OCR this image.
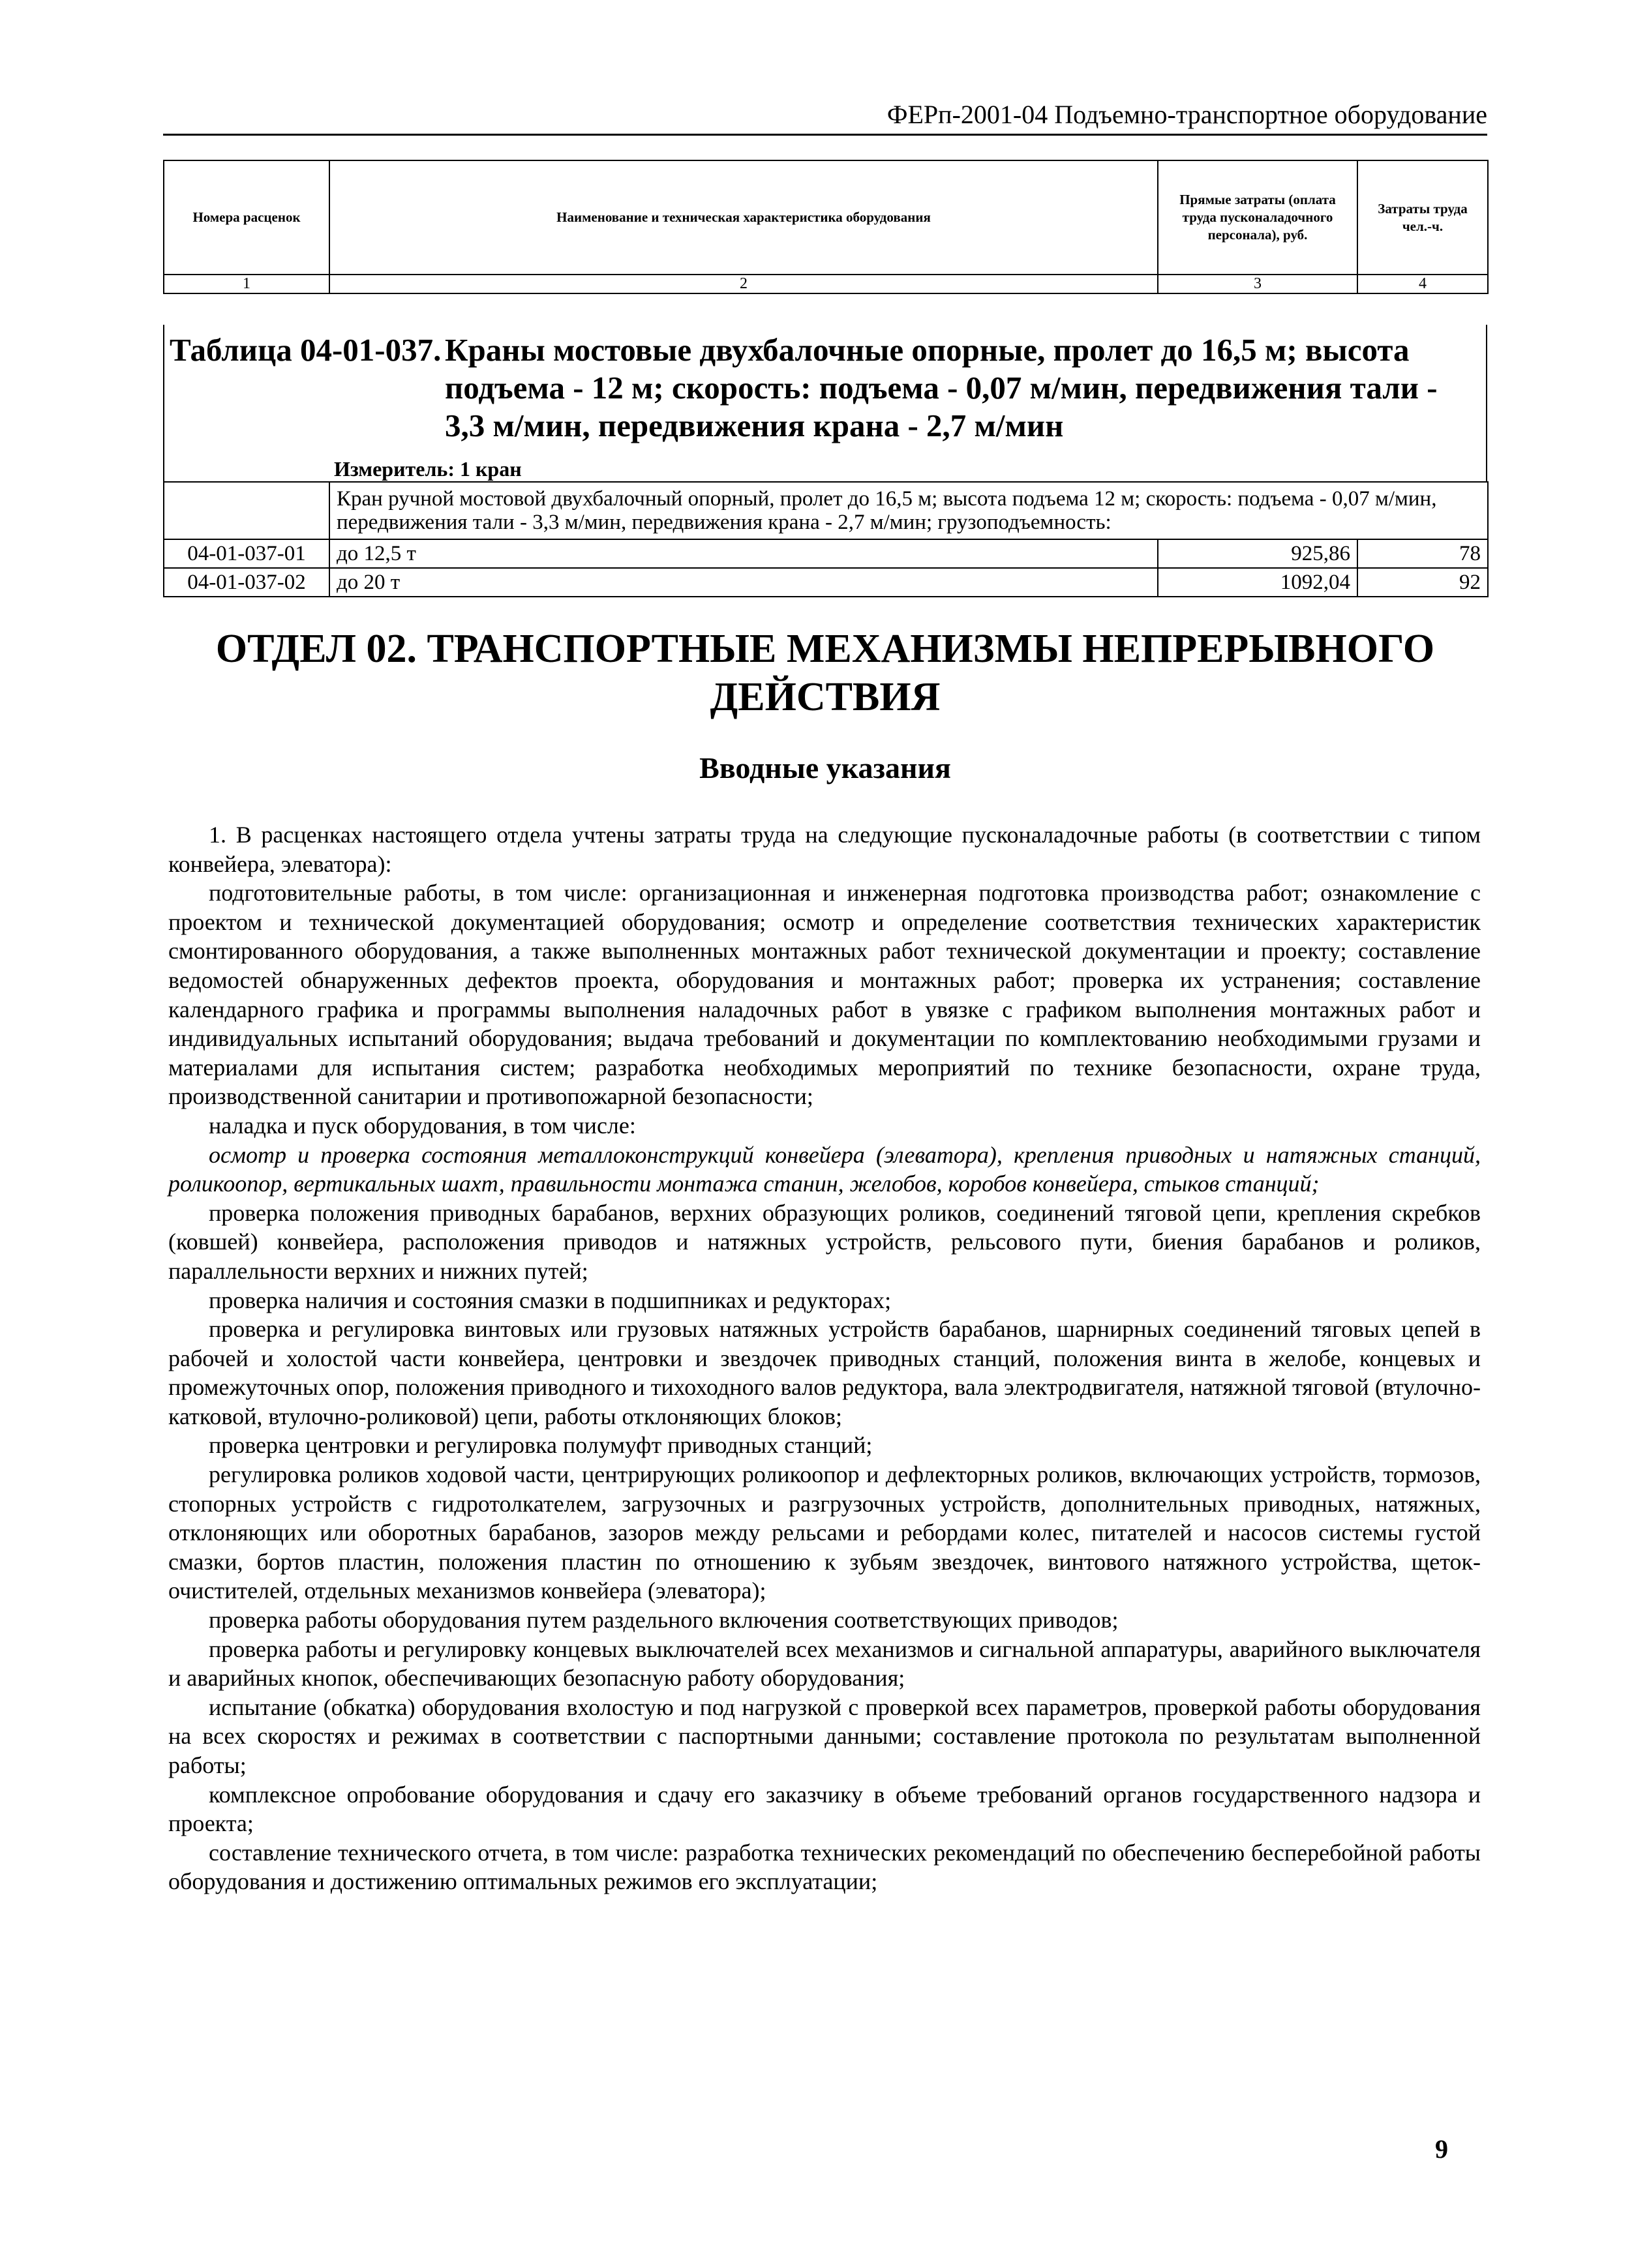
ФЕРп-2001-04 Подъемно-транспортное оборудование
Номера расценок	Наименование и техническая характеристика оборудования	Прямые затраты (оплата труда пусконаладочного персонала), руб.	Затраты труда чел.-ч.
1	2	3	4
Таблица 04-01-037. Краны мостовые двухбалочные опорные, пролет до 16,5 м; высота
подъема - 12 м; скорость: подъема - 0,07 м/мин, передвижения тали - 3,3 м/мин, передвижения крана - 2,7 м/мин
Измеритель: 1 кран
	Кран ручной мостовой двухбалочный опорный, пролет до 16,5 м; высота подъема 12 м; скорость: подъема - 0,07 м/мин, передвижения тали - 3,3 м/мин, передвижения крана - 2,7 м/мин; грузоподъемность:		
04-01-037-01	до 12,5 т	925,86	78
04-01-037-02	до 20 т	1092,04	92
ОТДЕЛ 02. ТРАНСПОРТНЫЕ МЕХАНИЗМЫ НЕПРЕРЫВНОГО ДЕЙСТВИЯ
Вводные указания

1. В расценках настоящего отдела учтены затраты труда на следующие пусконаладочные работы (в соответствии с типом конвейера, элеватора):

подготовительные работы, в том числе: организационная и инженерная подготовка производства работ; ознакомление с проектом и технической документацией оборудования; осмотр и определение соответствия технических характеристик смонтированного оборудования, а также выполненных монтажных работ технической документации и проекту; составление ведомостей обнаруженных дефектов проекта, оборудования и монтажных работ; проверка их устранения; составление календарного графика и программы выполнения наладочных работ в увязке с графиком выполнения монтажных работ и индивидуальных испытаний оборудования; выдача требований и документации по комплектованию необходимыми грузами и материалами для испытания систем; разработка необходимых мероприятий по технике безопасности, охране труда, производственной санитарии и противопожарной безопасности;

наладка и пуск оборудования, в том числе:

осмотр и проверка состояния металлоконструкций конвейера (элеватора), крепления приводных и натяжных станций, роликоопор, вертикальных шахт, правильности монтажа станин, желобов, коробов конвейера, стыков станций;

проверка положения приводных барабанов, верхних образующих роликов, соединений тяговой цепи, крепления скребков (ковшей) конвейера, расположения приводов и натяжных устройств, рельсового пути, биения барабанов и роликов, параллельности верхних и нижних путей;

проверка наличия и состояния смазки в подшипниках и редукторах;

проверка и регулировка винтовых или грузовых натяжных устройств барабанов, шарнирных соединений тяговых цепей в рабочей и холостой части конвейера, центровки и звездочек приводных станций, положения винта в желобе, концевых и промежуточных опор, положения приводного и тихоходного валов редуктора, вала электродвигателя, натяжной тяговой (втулочно-катковой, втулочно-роликовой) цепи, работы отклоняющих блоков;

проверка центровки и регулировка полумуфт приводных станций;

регулировка роликов ходовой части, центрирующих роликоопор и дефлекторных роликов, включающих устройств, тормозов, стопорных устройств с гидротолкателем, загрузочных и разгрузочных устройств, дополнительных приводных, натяжных, отклоняющих или оборотных барабанов, зазоров между рельсами и ребордами колес, питателей и насосов системы густой смазки, бортов пластин, положения пластин по отношению к зубьям звездочек, винтового натяжного устройства, щеток-очистителей, отдельных механизмов конвейера (элеватора);

проверка работы оборудования путем раздельного включения соответствующих приводов;

проверка работы и регулировку концевых выключателей всех механизмов и сигнальной аппаратуры, аварийного выключателя и аварийных кнопок, обеспечивающих безопасную работу оборудования;

испытание (обкатка) оборудования вхолостую и под нагрузкой с проверкой всех параметров, проверкой работы оборудования на всех скоростях и режимах в соответствии с паспортными данными; составление протокола по результатам выполненной работы;

комплексное опробование оборудования и сдачу его заказчику в объеме требований органов государственного надзора и проекта;

составление технического отчета, в том числе: разработка технических рекомендаций по обеспечению бесперебойной работы оборудования и достижению оптимальных режимов его эксплуатации;

9
